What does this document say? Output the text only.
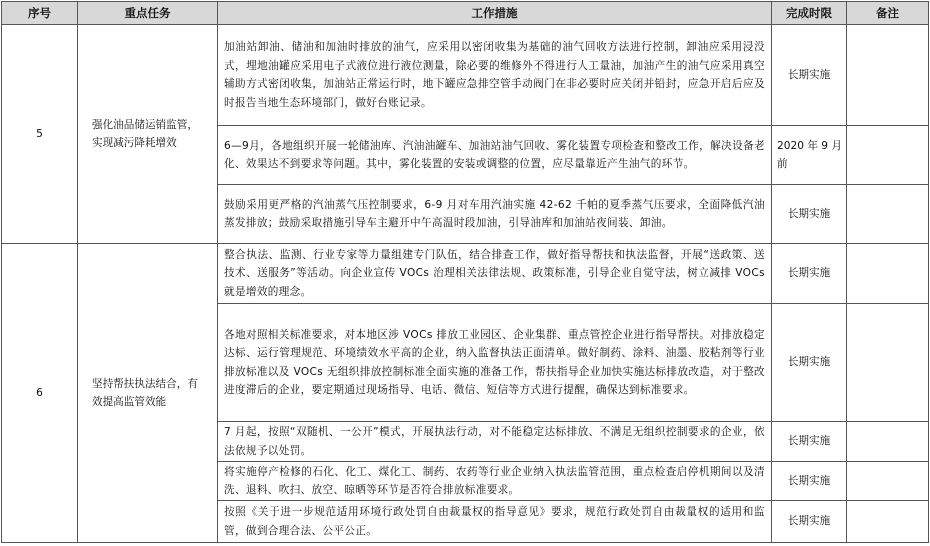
序号	重点任务	工作措施	完成时限	备注
5	强化油品储运销监管，实现减污降耗增效	加油站卸油、储油和加油时排放的油气，应采用以密闭收集为基础的油气回收方法进行控制，卸油应采用浸没式，埋地油罐应采用电子式液位进行液位测量，除必要的维修外不得进行人工量油，加油产生的油气应采用真空辅助方式密闭收集，加油站正常运行时，地下罐应急排空管手动阀门在非必要时应关闭并铅封，应急开启后应及时报告当地生态环境部门，做好台账记录。	长期实施	
		6—9月，各地组织开展一轮储油库、汽油油罐车、加油站油气回收、雾化装置专项检查和整改工作，解决设备老化、效果达不到要求等问题。其中，雾化装置的安装或调整的位置，应尽量靠近产生油气的环节。	2020 年 9 月前	
		鼓励采用更严格的汽油蒸气压控制要求，6-9 月对车用汽油实施 42-62 千帕的夏季蒸气压要求，全面降低汽油蒸发排放；鼓励采取措施引导车主避开中午高温时段加油，引导油库和加油站夜间装、卸油。	长期实施	
6	坚持帮扶执法结合，有效提高监管效能	整合执法、监测、行业专家等力量组建专门队伍，结合排查工作，做好指导帮扶和执法监督，开展“送政策、送技术、送服务”等活动。向企业宣传 VOCs 治理相关法律法规、政策标准，引导企业自觉守法，树立减排 VOCs 就是增效的理念。	长期实施	
		各地对照相关标准要求，对本地区涉 VOCs 排放工业园区、企业集群、重点管控企业进行指导帮扶。对排放稳定达标、运行管理规范、环境绩效水平高的企业，纳入监督执法正面清单。做好制药、涂料、油墨、胶粘剂等行业排放标准以及 VOCs 无组织排放控制标准全面实施的准备工作，帮扶指导企业加快实施达标排放改造，对于整改进度滞后的企业，要定期通过现场指导、电话、微信、短信等方式进行提醒，确保达到标准要求。	长期实施	
		7 月起，按照“双随机、一公开”模式，开展执法行动，对不能稳定达标排放、不满足无组织控制要求的企业，依法依规予以处罚。	长期实施	
		将实施停产检修的石化、化工、煤化工、制药、农药等行业企业纳入执法监管范围，重点检查启停机期间以及清洗、退料、吹扫、放空、晾晒等环节是否符合排放标准要求。	长期实施	
		按照《关于进一步规范适用环境行政处罚自由裁量权的指导意见》要求，规范行政处罚自由裁量权的适用和监管，做到合理合法、公平公正。	长期实施	
